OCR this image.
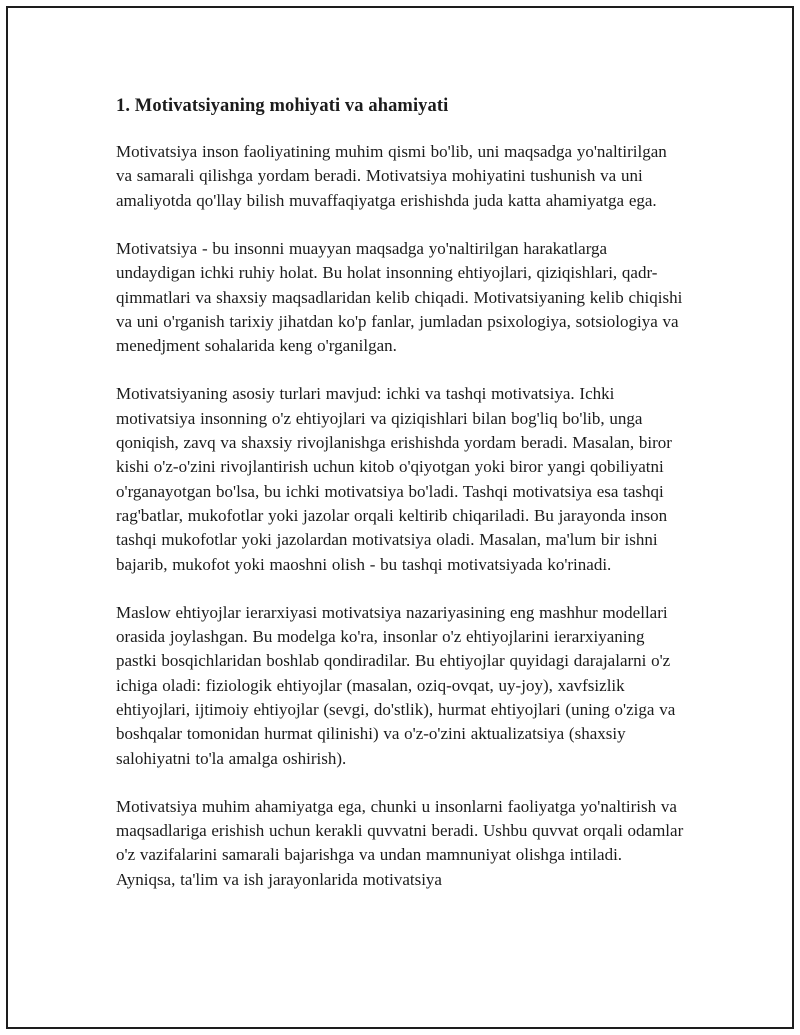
1. Motivatsiyaning mohiyati va ahamiyati

Motivatsiya inson faoliyatining muhim qismi bo'lib, uni maqsadga yo'naltirilgan va samarali qilishga yordam beradi. Motivatsiya mohiyatini tushunish va uni amaliyotda qo'llay bilish muvaffaqiyatga erishishda juda katta ahamiyatga ega.

Motivatsiya - bu insonni muayyan maqsadga yo'naltirilgan harakatlarga undaydigan ichki ruhiy holat. Bu holat insonning ehtiyojlari, qiziqishlari, qadr-qimmatlari va shaxsiy maqsadlaridan kelib chiqadi. Motivatsiyaning kelib chiqishi va uni o'rganish tarixiy jihatdan ko'p fanlar, jumladan psixologiya, sotsiologiya va menedjment sohalarida keng o'rganilgan.

Motivatsiyaning asosiy turlari mavjud: ichki va tashqi motivatsiya. Ichki motivatsiya insonning o'z ehtiyojlari va qiziqishlari bilan bog'liq bo'lib, unga qoniqish, zavq va shaxsiy rivojlanishga erishishda yordam beradi. Masalan, biror kishi o'z-o'zini rivojlantirish uchun kitob o'qiyotgan yoki biror yangi qobiliyatni o'rganayotgan bo'lsa, bu ichki motivatsiya bo'ladi. Tashqi motivatsiya esa tashqi rag'batlar, mukofotlar yoki jazolar orqali keltirib chiqariladi. Bu jarayonda inson tashqi mukofotlar yoki jazolardan motivatsiya oladi. Masalan, ma'lum bir ishni bajarib, mukofot yoki maoshni olish - bu tashqi motivatsiyada ko'rinadi.

Maslow ehtiyojlar ierarxiyasi motivatsiya nazariyasining eng mashhur modellari orasida joylashgan. Bu modelga ko'ra, insonlar o'z ehtiyojlarini ierarxiyaning pastki bosqichlaridan boshlab qondiradilar. Bu ehtiyojlar quyidagi darajalarni o'z ichiga oladi: fiziologik ehtiyojlar (masalan, oziq-ovqat, uy-joy), xavfsizlik ehtiyojlari, ijtimoiy ehtiyojlar (sevgi, do'stlik), hurmat ehtiyojlari (uning o'ziga va boshqalar tomonidan hurmat qilinishi) va o'z-o'zini aktualizatsiya (shaxsiy salohiyatni to'la amalga oshirish).

Motivatsiya muhim ahamiyatga ega, chunki u insonlarni faoliyatga yo'naltirish va maqsadlariga erishish uchun kerakli quvvatni beradi. Ushbu quvvat orqali odamlar o'z vazifalarini samarali bajarishga va undan mamnuniyat olishga intiladi. Ayniqsa, ta'lim va ish jarayonlarida motivatsiya
